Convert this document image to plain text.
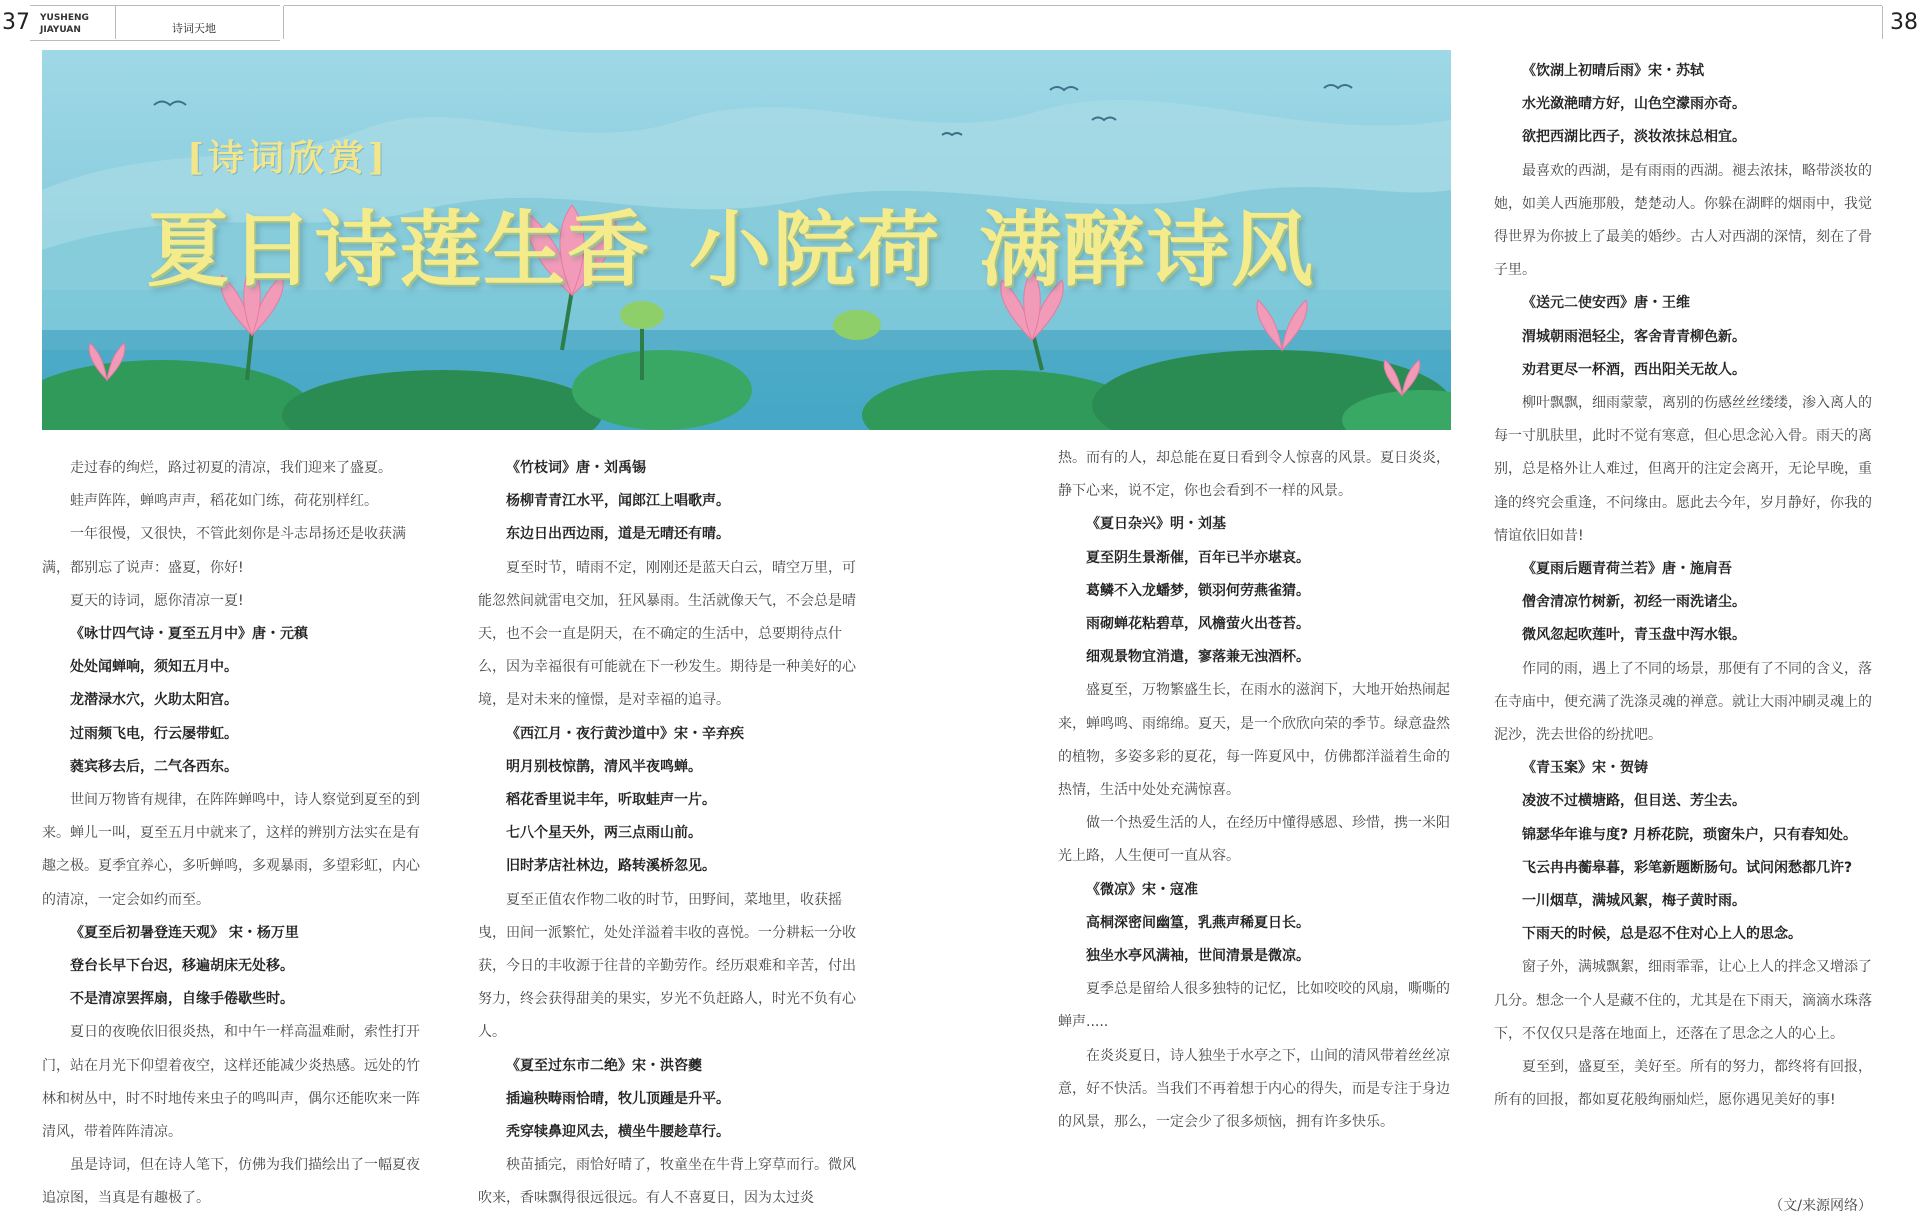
37	38
YUSHENG
JIAYUAN	诗词天地
[诗词欣赏]
夏日诗莲生香 小院荷 满醉诗风

走过春的绚烂，路过初夏的清凉，我们迎来了盛夏。

蛙声阵阵，蝉鸣声声，稻花如门练，荷花别样红。

一年很慢，又很快，不管此刻你是斗志昂扬还是收获满满，都别忘了说声：盛夏，你好!

夏天的诗词，愿你清凉一夏!

《咏廿四气诗・夏至五月中》唐・元稹

处处闻蝉响，须知五月中。

龙潜渌水穴，火助太阳宫。

过雨频飞电，行云屡带虹。

蕤宾移去后，二气各西东。

世间万物皆有规律，在阵阵蝉鸣中，诗人察觉到夏至的到来。蝉儿一叫，夏至五月中就来了，这样的辨别方法实在是有趣之极。夏季宜养心，多听蝉鸣，多观暴雨，多望彩虹，内心的清凉，一定会如约而至。

《夏至后初暑登连天观》 宋・杨万里

登台长早下台迟，移遍胡床无处移。

不是清凉罢挥扇，自缘手倦歇些时。

夏日的夜晚依旧很炎热，和中午一样高温难耐，索性打开门，站在月光下仰望着夜空，这样还能减少炎热感。远处的竹林和树丛中，时不时地传来虫子的鸣叫声，偶尔还能吹来一阵清风，带着阵阵清凉。

虽是诗词，但在诗人笔下，仿佛为我们描绘出了一幅夏夜追凉图，当真是有趣极了。

《竹枝词》唐・刘禹锡

杨柳青青江水平，闻郎江上唱歌声。

东边日出西边雨，道是无晴还有晴。

夏至时节，晴雨不定，刚刚还是蓝天白云，晴空万里，可能忽然间就雷电交加，狂风暴雨。生活就像天气，不会总是晴天，也不会一直是阴天，在不确定的生活中，总要期待点什么，因为幸福很有可能就在下一秒发生。期待是一种美好的心境，是对未来的憧憬，是对幸福的追寻。

《西江月・夜行黄沙道中》宋・辛弃疾

明月别枝惊鹊，清风半夜鸣蝉。

稻花香里说丰年，听取蛙声一片。

七八个星天外，两三点雨山前。

旧时茅店社林边，路转溪桥忽见。

夏至正值农作物二收的时节，田野间，菜地里，收获摇曳，田间一派繁忙，处处洋溢着丰收的喜悦。一分耕耘一分收获，今日的丰收源于往昔的辛勤劳作。经历艰难和辛苦，付出努力，终会获得甜美的果实，岁光不负赶路人，时光不负有心人。

《夏至过东市二绝》宋・洪咨夔

插遍秧畴雨恰晴，牧儿顶踵是升平。

秃穿犊鼻迎风去，横坐牛腰趁草行。

秧苗插完，雨恰好晴了，牧童坐在牛背上穿草而行。微风吹来，香味飘得很远很远。有人不喜夏日，因为太过炎

热。而有的人，却总能在夏日看到令人惊喜的风景。夏日炎炎，静下心来，说不定，你也会看到不一样的风景。

《夏日杂兴》明・刘基

夏至阴生景渐催，百年已半亦堪哀。

葛鳞不入龙蟠梦，锁羽何劳燕雀猜。

雨砌蝉花粘碧草，风檐萤火出苍苔。

细观景物宜消遣，寥落兼无浊酒杯。

盛夏至，万物繁盛生长，在雨水的滋润下，大地开始热闹起来，蝉鸣鸣、雨绵绵。夏天，是一个欣欣向荣的季节。绿意盎然的植物，多姿多彩的夏花，每一阵夏风中，仿佛都洋溢着生命的热情，生活中处处充满惊喜。

做一个热爱生活的人，在经历中懂得感恩、珍惜，携一米阳光上路，人生便可一直从容。

《微凉》宋・寇准

高桐深密间幽篁，乳燕声稀夏日长。

独坐水亭风满袖，世间清景是微凉。

夏季总是留给人很多独特的记忆，比如咬咬的风扇，嘶嘶的蝉声.....

在炎炎夏日，诗人独坐于水亭之下，山间的清风带着丝丝凉意，好不快活。当我们不再着想于内心的得失，而是专注于身边的风景，那么，一定会少了很多烦恼，拥有许多快乐。

《饮湖上初晴后雨》宋・苏轼

水光潋滟晴方好，山色空濛雨亦奇。

欲把西湖比西子，淡妆浓抹总相宜。

最喜欢的西湖，是有雨雨的西湖。褪去浓抹，略带淡妆的她，如美人西施那般，楚楚动人。你躲在湖畔的烟雨中，我觉得世界为你披上了最美的婚纱。古人对西湖的深情，刻在了骨子里。

《送元二使安西》唐・王维

渭城朝雨浥轻尘，客舍青青柳色新。

劝君更尽一杯酒，西出阳关无故人。

柳叶飘飘，细雨蒙蒙，离别的伤感丝丝缕缕，渗入离人的每一寸肌肤里，此时不觉有寒意，但心思念沁入骨。雨天的离别，总是格外让人难过，但离开的注定会离开，无论早晚，重逢的终究会重逢，不问缘由。愿此去今年，岁月静好，你我的情谊依旧如昔!

《夏雨后题青荷兰若》唐・施肩吾

僧舍清凉竹树新，初经一雨洗诸尘。

微风忽起吹莲叶，青玉盘中泻水银。

作同的雨，遇上了不同的场景，那便有了不同的含义，落在寺庙中，便充满了洗涤灵魂的禅意。就让大雨冲刷灵魂上的泥沙，洗去世俗的纷扰吧。

《青玉案》宋・贺铸

凌波不过横塘路，但目送、芳尘去。

锦瑟华年谁与度? 月桥花院，琐窗朱户，只有春知处。

飞云冉冉蘅皋暮，彩笔新题断肠句。试问闲愁都几许?

一川烟草，满城风絮，梅子黄时雨。

下雨天的时候，总是忍不住对心上人的思念。

窗子外，满城飘絮，细雨霏霏，让心上人的拌念又增添了几分。想念一个人是藏不住的，尤其是在下雨天，滴滴水珠落下，不仅仅只是落在地面上，还落在了思念之人的心上。

夏至到，盛夏至，美好至。所有的努力，都终将有回报，所有的回报，都如夏花般绚丽灿烂，愿你遇见美好的事!

（文/来源网络）
